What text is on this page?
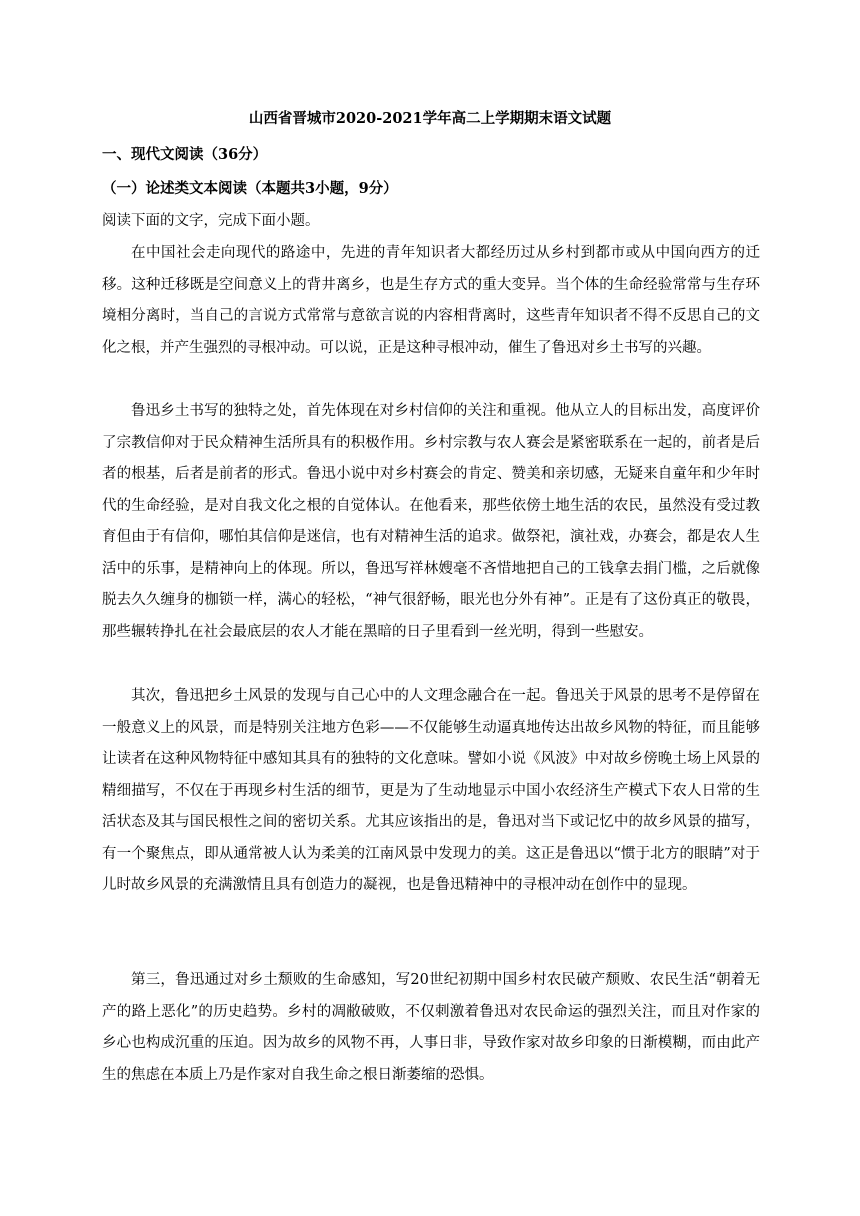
山西省晋城市2020-2021学年高二上学期期末语文试题
一、现代文阅读（36分）
（一）论述类文本阅读（本题共3小题，9分）
阅读下面的文字，完成下面小题。

在中国社会走向现代的路途中，先进的青年知识者大都经历过从乡村到都市或从中国向西方的迁移。这种迁移既是空间意义上的背井离乡，也是生存方式的重大变异。当个体的生命经验常常与生存环境相分离时，当自己的言说方式常常与意欲言说的内容相背离时，这些青年知识者不得不反思自己的文化之根，并产生强烈的寻根冲动。可以说，正是这种寻根冲动，催生了鲁迅对乡土书写的兴趣。

鲁迅乡土书写的独特之处，首先体现在对乡村信仰的关注和重视。他从立人的目标出发，高度评价了宗教信仰对于民众精神生活所具有的积极作用。乡村宗教与农人赛会是紧密联系在一起的，前者是后者的根基，后者是前者的形式。鲁迅小说中对乡村赛会的肯定、赞美和亲切感，无疑来自童年和少年时代的生命经验，是对自我文化之根的自觉体认。在他看来，那些依傍土地生活的农民，虽然没有受过教育但由于有信仰，哪怕其信仰是迷信，也有对精神生活的追求。做祭祀，演社戏，办赛会，都是农人生活中的乐事，是精神向上的体现。所以，鲁迅写祥林嫂毫不吝惜地把自己的工钱拿去捐门槛，之后就像脱去久久缠身的枷锁一样，满心的轻松，“神气很舒畅，眼光也分外有神”。正是有了这份真正的敬畏，那些辗转挣扎在社会最底层的农人才能在黑暗的日子里看到一丝光明，得到一些慰安。

其次，鲁迅把乡土风景的发现与自己心中的人文理念融合在一起。鲁迅关于风景的思考不是停留在一般意义上的风景，而是特别关注地方色彩——不仅能够生动逼真地传达出故乡风物的特征，而且能够让读者在这种风物特征中感知其具有的独特的文化意味。譬如小说《风波》中对故乡傍晚土场上风景的精细描写，不仅在于再现乡村生活的细节，更是为了生动地显示中国小农经济生产模式下农人日常的生活状态及其与国民根性之间的密切关系。尤其应该指出的是，鲁迅对当下或记忆中的故乡风景的描写，有一个聚焦点，即从通常被人认为柔美的江南风景中发现力的美。这正是鲁迅以“惯于北方的眼睛”对于儿时故乡风景的充满激情且具有创造力的凝视，也是鲁迅精神中的寻根冲动在创作中的显现。

第三，鲁迅通过对乡土颓败的生命感知，写20世纪初期中国乡村农民破产颓败、农民生活“朝着无产的路上恶化”的历史趋势。乡村的凋敝破败，不仅刺激着鲁迅对农民命运的强烈关注，而且对作家的乡心也构成沉重的压迫。因为故乡的风物不再，人事日非，导致作家对故乡印象的日渐模糊，而由此产生的焦虑在本质上乃是作家对自我生命之根日渐萎缩的恐惧。
